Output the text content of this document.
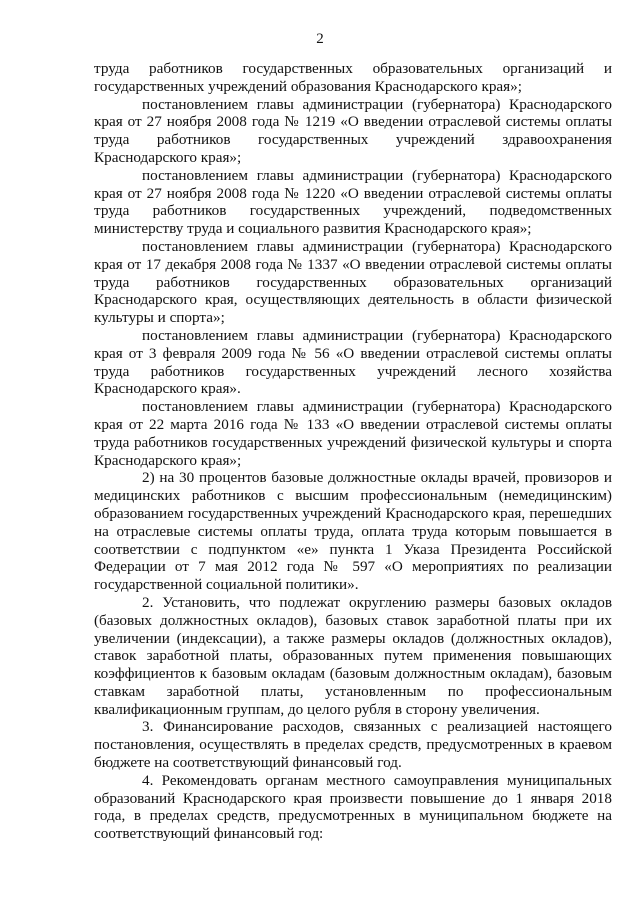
2

труда работников государственных образовательных организаций и государственных учреждений образования Краснодарского края»;

постановлением главы администрации (губернатора) Краснодарского края от 27 ноября 2008 года № 1219 «О введении отраслевой системы оплаты труда работников государственных учреждений здравоохранения Краснодарского края»;

постановлением главы администрации (губернатора) Краснодарского края от 27 ноября 2008 года № 1220 «О введении отраслевой системы оплаты труда работников государственных учреждений, подведомственных министерству труда и социального развития Краснодарского края»;

постановлением главы администрации (губернатора) Краснодарского края от 17 декабря 2008 года № 1337 «О введении отраслевой системы оплаты труда работников государственных образовательных организаций Краснодарского края, осуществляющих деятельность в области физической культуры и спорта»;

постановлением главы администрации (губернатора) Краснодарского края от 3 февраля 2009 года № 56 «О введении отраслевой системы оплаты труда работников государственных учреждений лесного хозяйства Краснодарского края».

постановлением главы администрации (губернатора) Краснодарского края от 22 марта 2016 года № 133 «О введении отраслевой системы оплаты труда работников государственных учреждений физической культуры и спорта Краснодарского края»;

2) на 30 процентов базовые должностные оклады врачей, провизоров и медицинских работников с высшим профессиональным (немедицинским) образованием государственных учреждений Краснодарского края, перешедших на отраслевые системы оплаты труда, оплата труда которым повышается в соответствии с подпунктом «е» пункта 1 Указа Президента Российской Федерации от 7 мая 2012 года № 597 «О мероприятиях по реализации государственной социальной политики».

2. Установить, что подлежат округлению размеры базовых окладов (базовых должностных окладов), базовых ставок заработной платы при их увеличении (индексации), а также размеры окладов (должностных окладов), ставок заработной платы, образованных путем применения повышающих коэффициентов к базовым окладам (базовым должностным окладам), базовым ставкам заработной платы, установленным по профессиональным квалификационным группам, до целого рубля в сторону увеличения.

3. Финансирование расходов, связанных с реализацией настоящего постановления, осуществлять в пределах средств, предусмотренных в краевом бюджете на соответствующий финансовый год.

4. Рекомендовать органам местного самоуправления муниципальных образований Краснодарского края произвести повышение до 1 января 2018 года, в пределах средств, предусмотренных в муниципальном бюджете на соответствующий финансовый год:
